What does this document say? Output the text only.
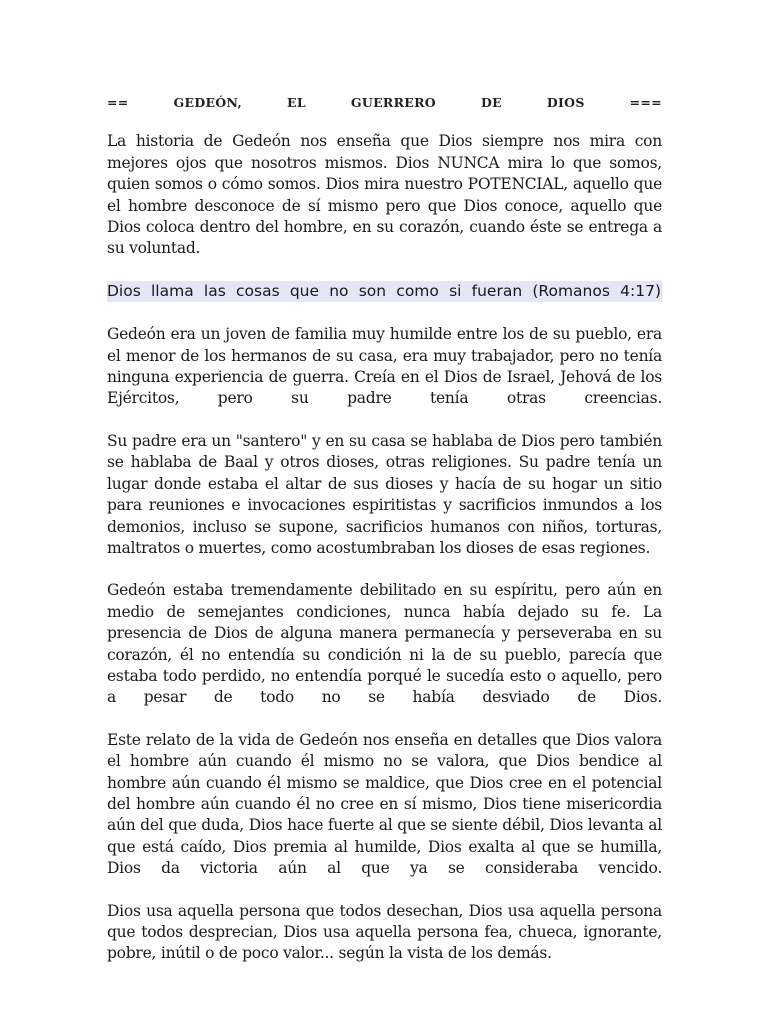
==	GEDEÓN,	EL	GUERRERO	DE	DIOS	===

La historia de Gedeón nos enseña que Dios siempre nos mira con mejores ojos que nosotros mismos. Dios NUNCA mira lo que somos, quien somos o cómo somos. Dios mira nuestro POTENCIAL, aquello que el hombre desconoce de sí mismo pero que Dios conoce, aquello que Dios coloca dentro del hombre, en su corazón, cuando éste se entrega a su voluntad.

Dios llama las cosas que no son como si fueran (Romanos 4:17)

Gedeón era un joven de familia muy humilde entre los de su pueblo, era el menor de los hermanos de su casa, era muy trabajador, pero no tenía ninguna experiencia de guerra. Creía en el Dios de Israel, Jehová de los Ejércitos, pero su padre tenía otras creencias.

Su padre era un "santero" y en su casa se hablaba de Dios pero también se hablaba de Baal y otros dioses, otras religiones. Su padre tenía un lugar donde estaba el altar de sus dioses y hacía de su hogar un sitio para reuniones e invocaciones espiritistas y sacrificios inmundos a los demonios, incluso se supone, sacrificios humanos con niños, torturas, maltratos o muertes, como acostumbraban los dioses de esas regiones.

Gedeón estaba tremendamente debilitado en su espíritu, pero aún en medio de semejantes condiciones, nunca había dejado su fe. La presencia de Dios de alguna manera permanecía y perseveraba en su corazón, él no entendía su condición ni la de su pueblo, parecía que estaba todo perdido, no entendía porqué le sucedía esto o aquello, pero a pesar de todo no se había desviado de Dios.

Este relato de la vida de Gedeón nos enseña en detalles que Dios valora el hombre aún cuando él mismo no se valora, que Dios bendice al hombre aún cuando él mismo se maldice, que Dios cree en el potencial del hombre aún cuando él no cree en sí mismo, Dios tiene misericordia aún del que duda, Dios hace fuerte al que se siente débil, Dios levanta al que está caído, Dios premia al humilde, Dios exalta al que se humilla, Dios da victoria aún al que ya se consideraba vencido.

Dios usa aquella persona que todos desechan, Dios usa aquella persona que todos desprecian, Dios usa aquella persona fea, chueca, ignorante, pobre, inútil o de poco valor... según la vista de los demás.
